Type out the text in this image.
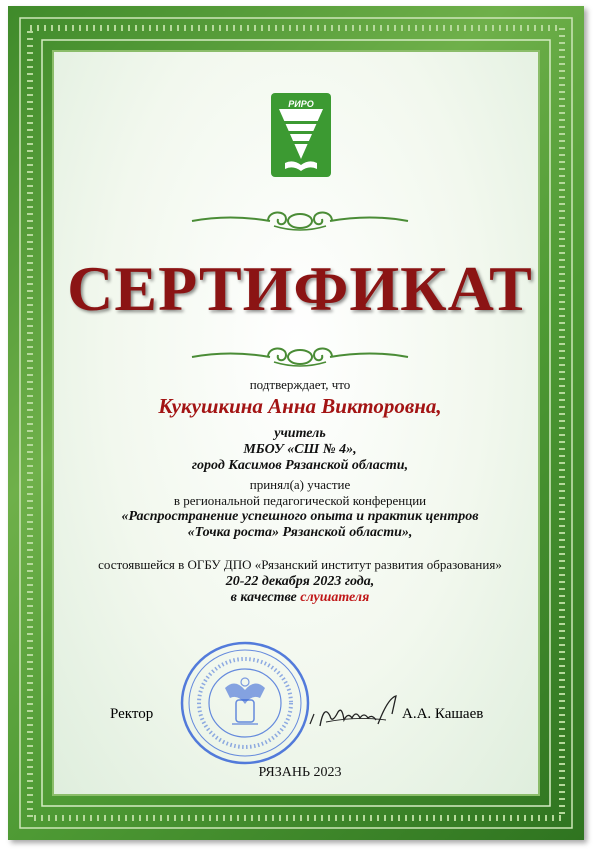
РИРО
СЕРТИФИКАТ
подтверждает, что
Кукушкина Анна Викторовна,
учитель
МБОУ «СШ № 4»,
город Касимов Рязанской области,
принял(а) участие
в региональной педагогической конференции
«Распространение успешного опыта и практик центров
«Точка роста» Рязанской области»,
состоявшейся в ОГБУ ДПО «Рязанский институт развития образования»
20-22 декабря 2023 года,
в качестве слушателя
Ректор	А.А. Кашаев
РЯЗАНЬ 2023
